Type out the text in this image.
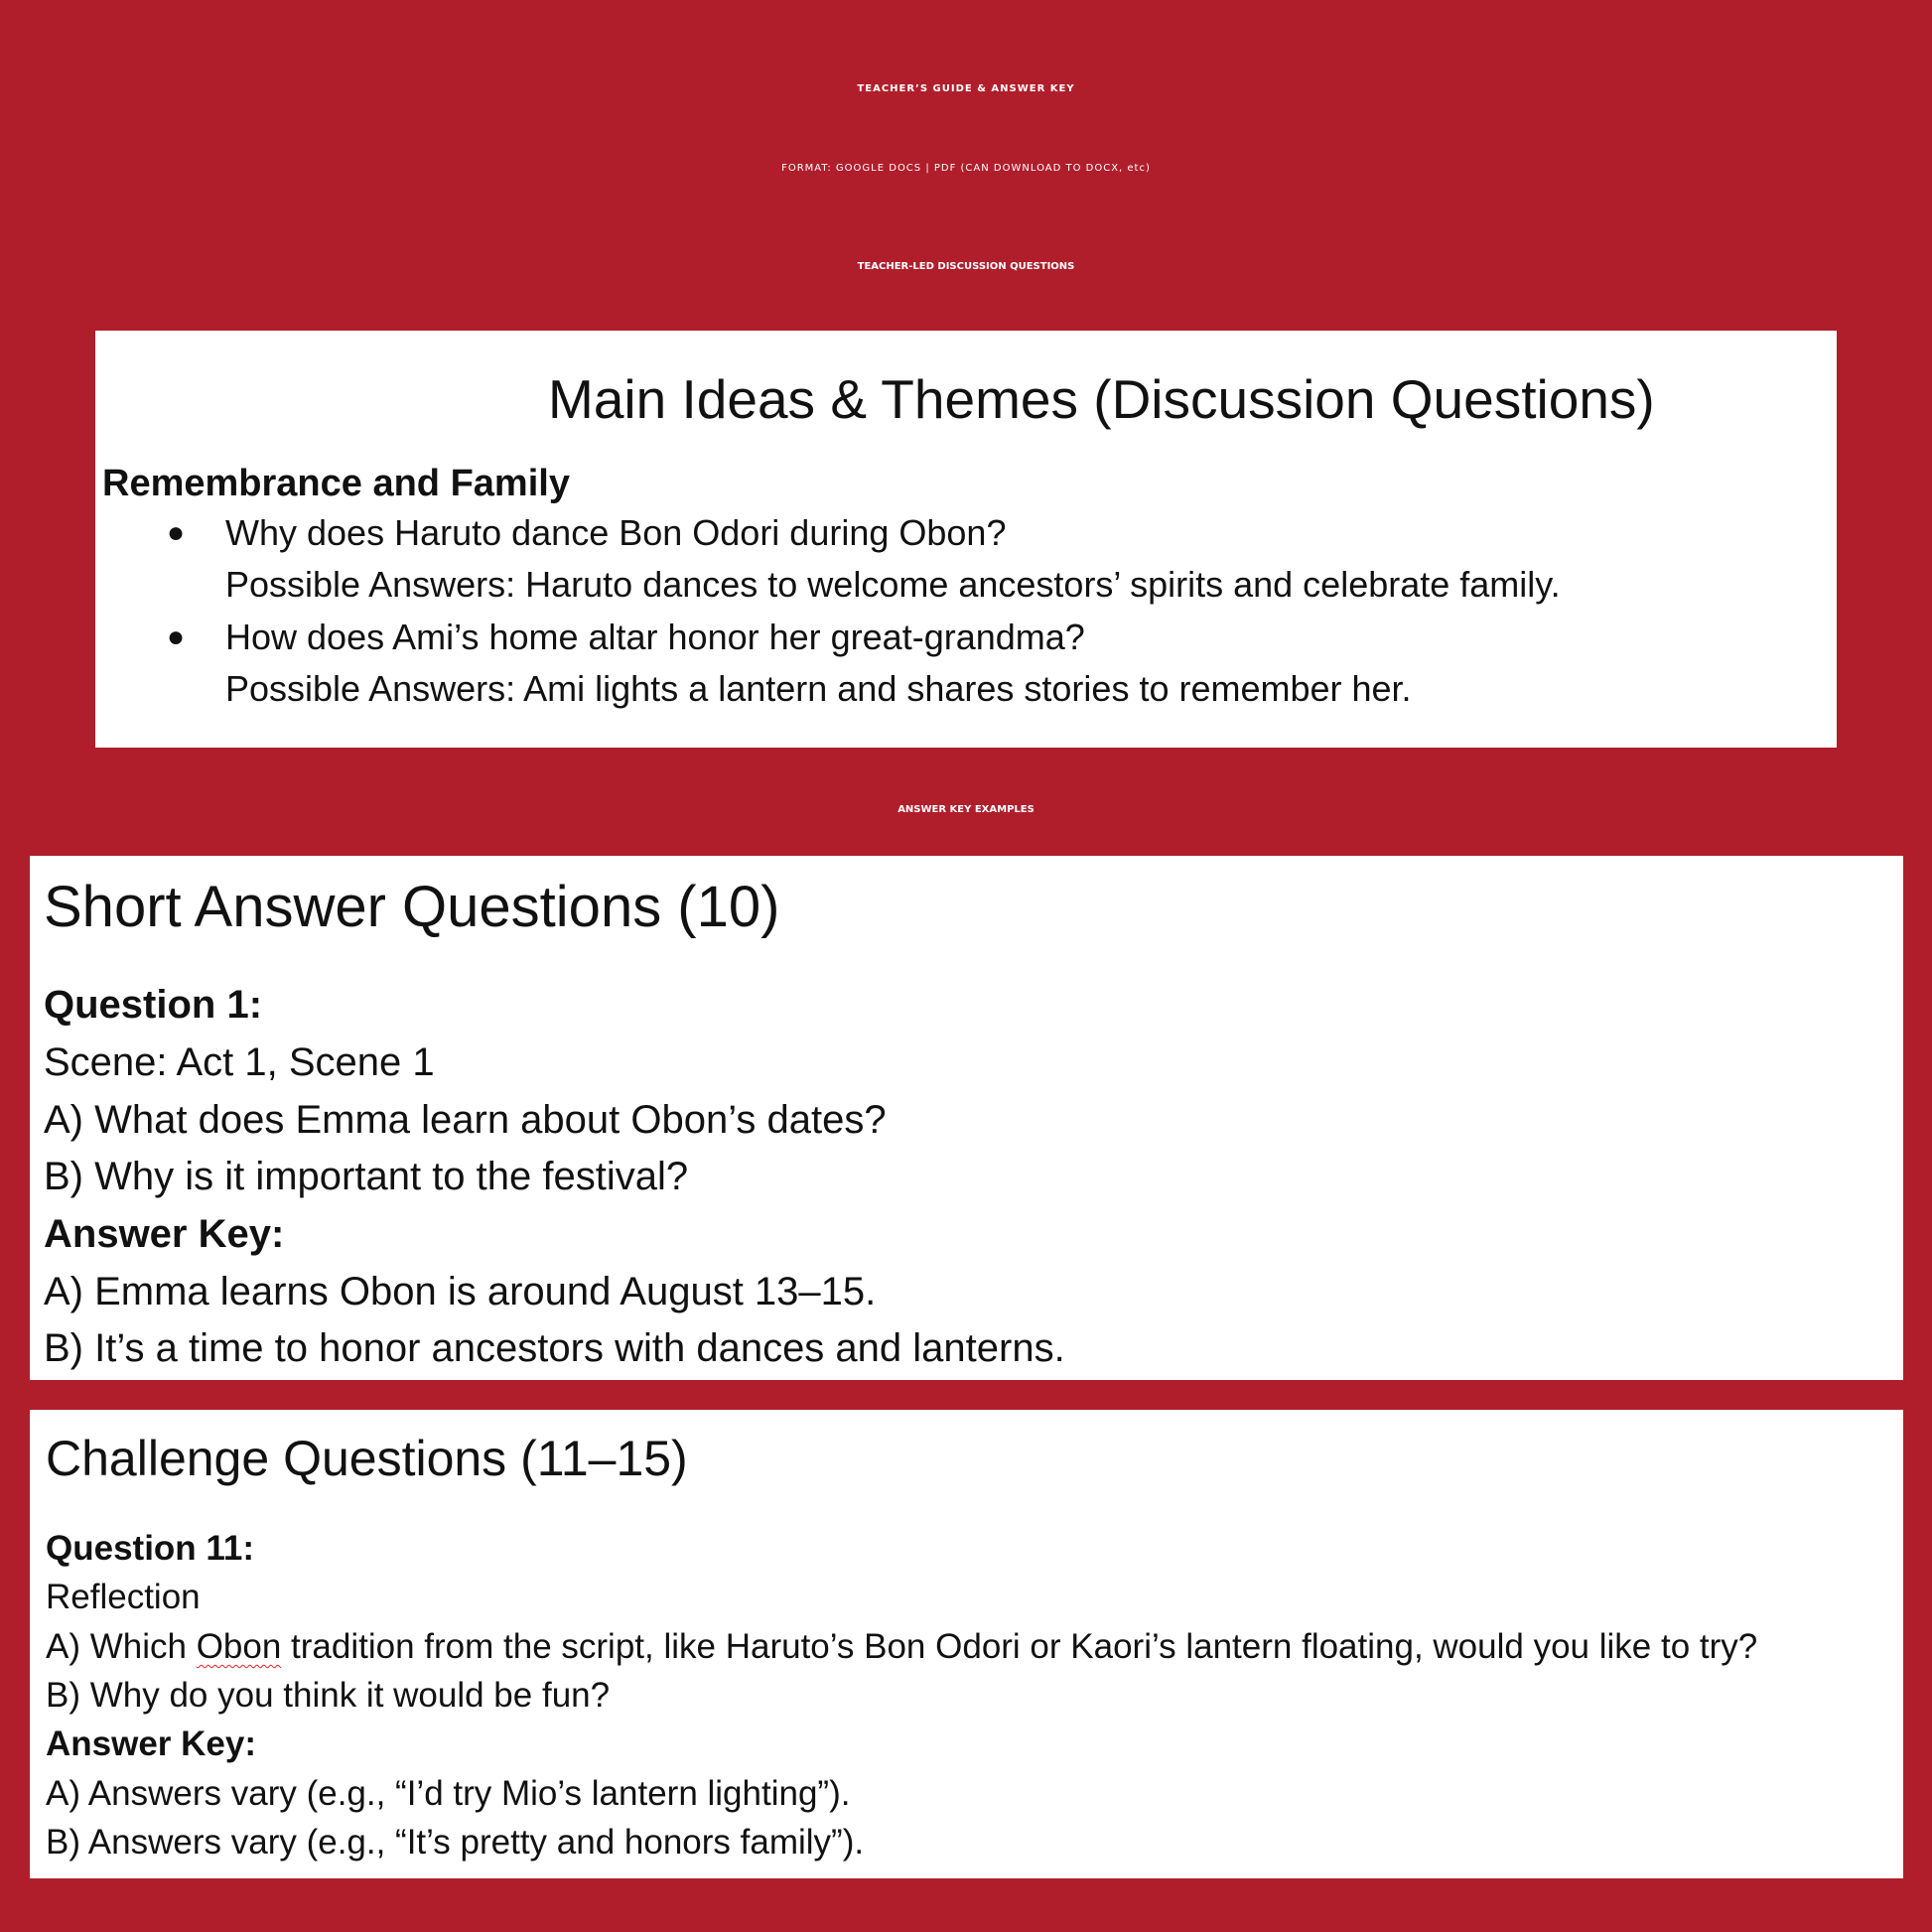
TEACHER’S GUIDE & ANSWER KEY
FORMAT: GOOGLE DOCS | PDF (CAN DOWNLOAD TO DOCX, etc)
TEACHER-LED DISCUSSION QUESTIONS
Main Ideas & Themes (Discussion Questions)
Remembrance and Family
● Why does Haruto dance Bon Odori during Obon?
Possible Answers: Haruto dances to welcome ancestors’ spirits and celebrate family.
● How does Ami’s home altar honor her great-grandma?
Possible Answers: Ami lights a lantern and shares stories to remember her.
ANSWER KEY EXAMPLES
Short Answer Questions (10)
Question 1:
Scene: Act 1, Scene 1
A) What does Emma learn about Obon’s dates?
B) Why is it important to the festival?
Answer Key:
A) Emma learns Obon is around August 13–15.
B) It’s a time to honor ancestors with dances and lanterns.
Challenge Questions (11–15)
Question 11:
Reflection
A) Which Obon tradition from the script, like Haruto’s Bon Odori or Kaori’s lantern floating, would you like to try?
B) Why do you think it would be fun?
Answer Key:
A) Answers vary (e.g., “I’d try Mio’s lantern lighting”).
B) Answers vary (e.g., “It’s pretty and honors family”).
